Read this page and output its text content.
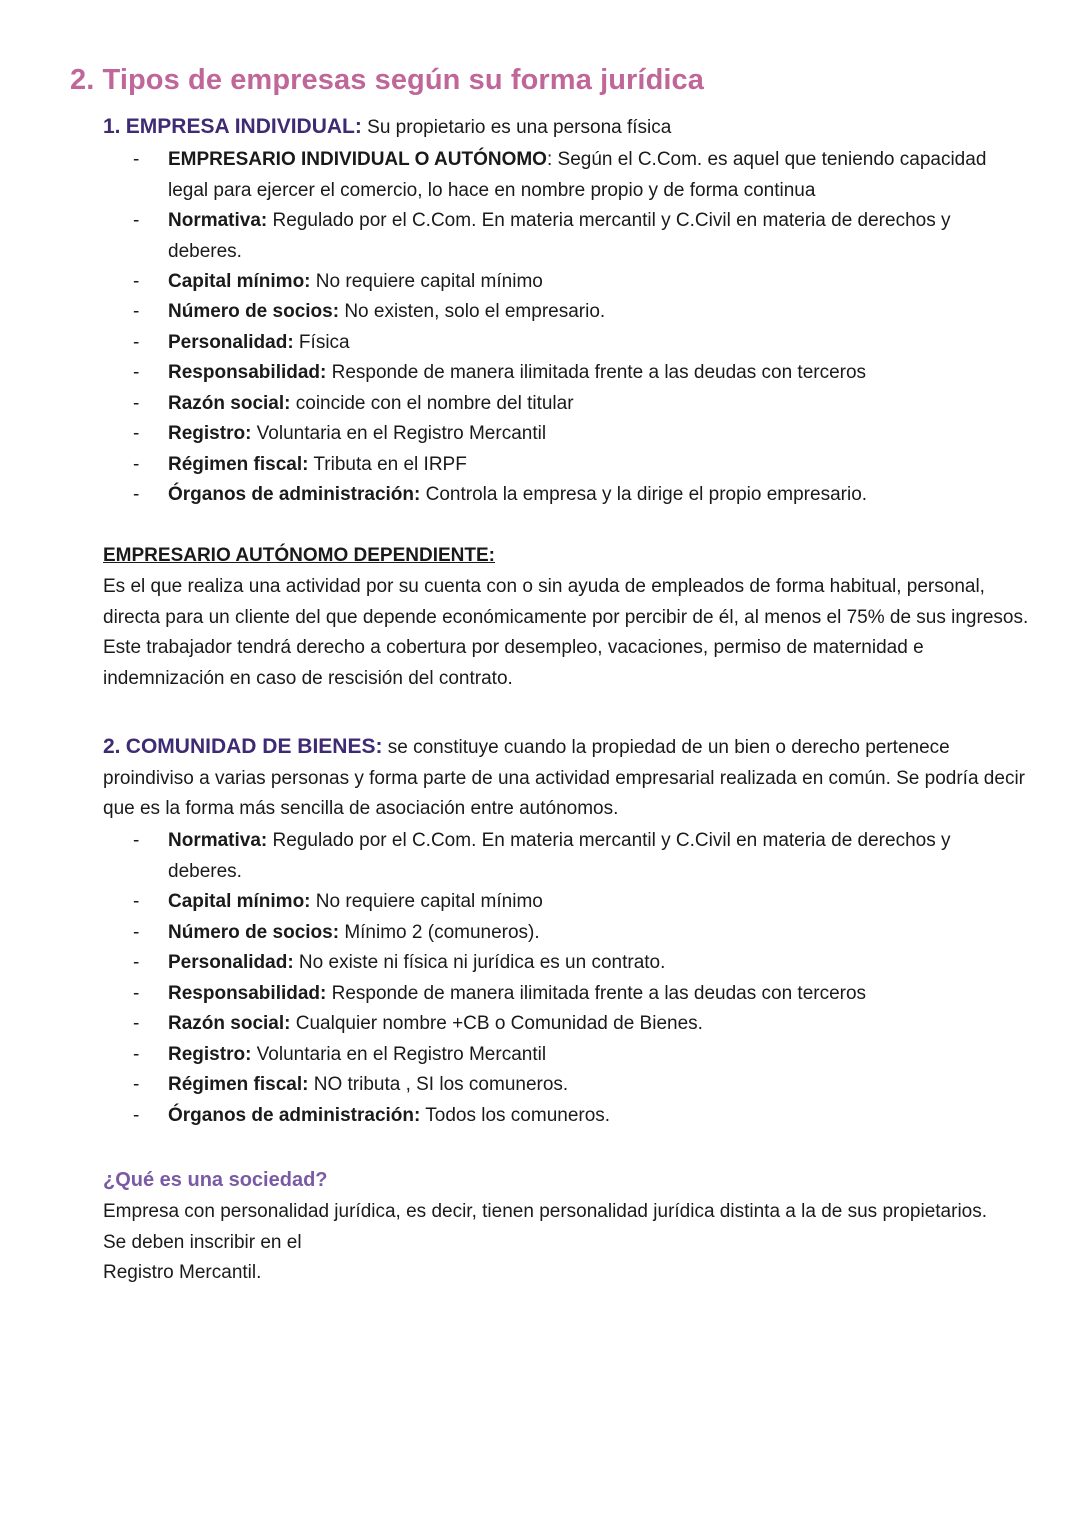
2. Tipos de empresas según su forma jurídica
1. EMPRESA INDIVIDUAL: Su propietario es una persona física
- EMPRESARIO INDIVIDUAL O AUTÓNOMO: Según el C.Com. es aquel que teniendo capacidad legal para ejercer el comercio, lo hace en nombre propio y de forma continua
- Normativa: Regulado por el C.Com. En materia mercantil y C.Civil en materia de derechos y deberes.
- Capital mínimo: No requiere capital mínimo
- Número de socios: No existen, solo el empresario.
- Personalidad: Física
- Responsabilidad: Responde de manera ilimitada frente a las deudas con terceros
- Razón social: coincide con el nombre del titular
- Registro: Voluntaria en el Registro Mercantil
- Régimen fiscal: Tributa en el IRPF
- Órganos de administración: Controla la empresa y la dirige el propio empresario.
EMPRESARIO AUTÓNOMO DEPENDIENTE:
Es el que realiza una actividad por su cuenta con o sin ayuda de empleados de forma habitual, personal, directa para un cliente del que depende económicamente por percibir de él, al menos el 75% de sus ingresos. Este trabajador tendrá derecho a cobertura por desempleo, vacaciones, permiso de maternidad e indemnización en caso de rescisión del contrato.
2. COMUNIDAD DE BIENES: se constituye cuando la propiedad de un bien o derecho pertenece proindiviso a varias personas y forma parte de una actividad empresarial realizada en común. Se podría decir que es la forma más sencilla de asociación entre autónomos.
- Normativa: Regulado por el C.Com. En materia mercantil y C.Civil en materia de derechos y deberes.
- Capital mínimo: No requiere capital mínimo
- Número de socios: Mínimo 2 (comuneros).
- Personalidad: No existe ni física ni jurídica es un contrato.
- Responsabilidad: Responde de manera ilimitada frente a las deudas con terceros
- Razón social: Cualquier nombre +CB o Comunidad de Bienes.
- Registro: Voluntaria en el Registro Mercantil
- Régimen fiscal: NO tributa , SI los comuneros.
- Órganos de administración: Todos los comuneros.
¿Qué es una sociedad?
Empresa con personalidad jurídica, es decir, tienen personalidad jurídica distinta a la de sus propietarios.
Se deben inscribir en el
Registro Mercantil.
